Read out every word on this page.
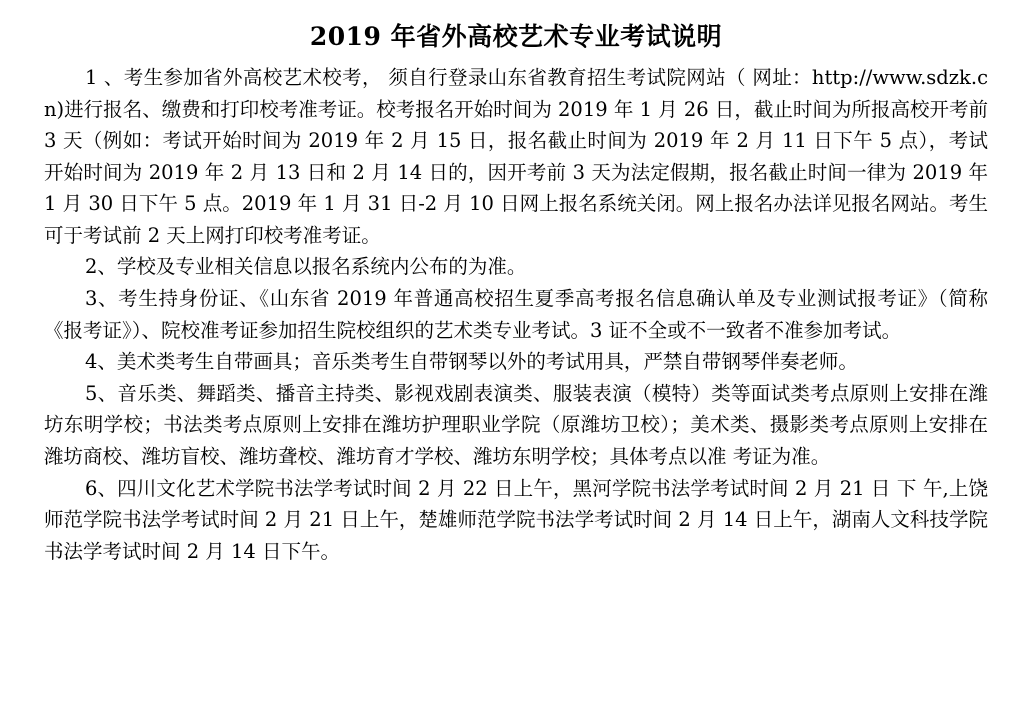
2019 年省外高校艺术专业考试说明

1 、考生参加省外高校艺术校考， 须自行登录山东省教育招生考试院网站（ 网址：http://www.sdzk.cn)进行报名、缴费和打印校考准考证。校考报名开始时间为 2019 年 1 月 26 日，截止时间为所报高校开考前 3 天（例如：考试开始时间为 2019 年 2 月 15 日，报名截止时间为 2019 年 2 月 11 日下午 5 点），考试开始时间为 2019 年 2 月 13 日和 2 月 14 日的，因开考前 3 天为法定假期，报名截止时间一律为 2019 年 1 月 30 日下午 5 点。2019 年 1 月 31 日-2 月 10 日网上报名系统关闭。网上报名办法详见报名网站。考生可于考试前 2 天上网打印校考准考证。

2、学校及专业相关信息以报名系统内公布的为准。

3、考生持身份证、《山东省 2019 年普通高校招生夏季高考报名信息确认单及专业测试报考证》（简称《报考证》）、院校准考证参加招生院校组织的艺术类专业考试。3 证不全或不一致者不准参加考试。

4、美术类考生自带画具；音乐类考生自带钢琴以外的考试用具，严禁自带钢琴伴奏老师。

5、音乐类、舞蹈类、播音主持类、影视戏剧表演类、服装表演（模特）类等面试类考点原则上安排在潍坊东明学校；书法类考点原则上安排在潍坊护理职业学院（原潍坊卫校）；美术类、摄影类考点原则上安排在潍坊商校、潍坊盲校、潍坊聋校、潍坊育才学校、潍坊东明学校；具体考点以准 考证为准。

6、四川文化艺术学院书法学考试时间 2 月 22 日上午，黑河学院书法学考试时间 2 月 21 日 下 午,上饶师范学院书法学考试时间 2 月 21 日上午，楚雄师范学院书法学考试时间 2 月 14 日上午，湖南人文科技学院书法学考试时间 2 月 14 日下午。
